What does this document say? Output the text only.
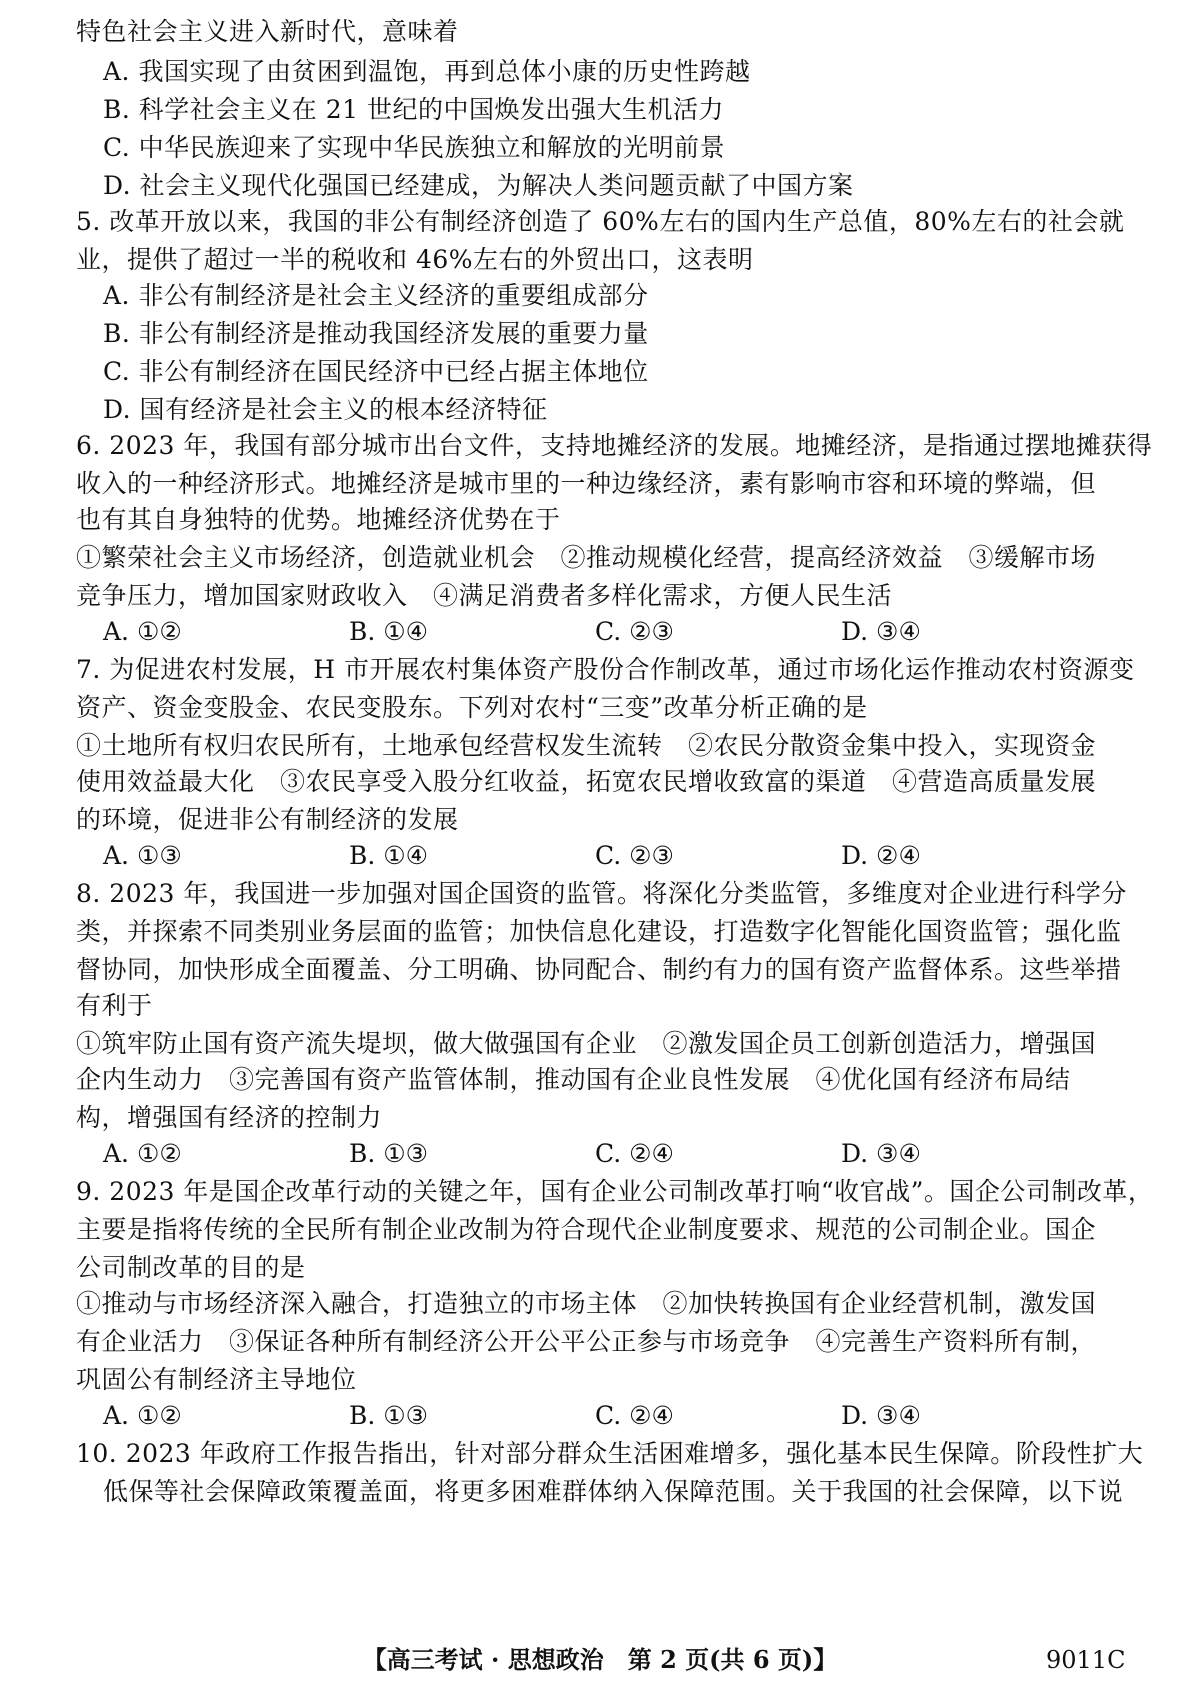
特色社会主义进入新时代，意味着
A. 我国实现了由贫困到温饱，再到总体小康的历史性跨越
B. 科学社会主义在 21 世纪的中国焕发出强大生机活力
C. 中华民族迎来了实现中华民族独立和解放的光明前景
D. 社会主义现代化强国已经建成，为解决人类问题贡献了中国方案
5. 改革开放以来，我国的非公有制经济创造了 60%左右的国内生产总值，80%左右的社会就
业，提供了超过一半的税收和 46%左右的外贸出口，这表明
A. 非公有制经济是社会主义经济的重要组成部分
B. 非公有制经济是推动我国经济发展的重要力量
C. 非公有制经济在国民经济中已经占据主体地位
D. 国有经济是社会主义的根本经济特征
6. 2023 年，我国有部分城市出台文件，支持地摊经济的发展。地摊经济，是指通过摆地摊获得
收入的一种经济形式。地摊经济是城市里的一种边缘经济，素有影响市容和环境的弊端，但
也有其自身独特的优势。地摊经济优势在于
①繁荣社会主义市场经济，创造就业机会　②推动规模化经营，提高经济效益　③缓解市场
竞争压力，增加国家财政收入　④满足消费者多样化需求，方便人民生活
A. ①②	B. ①④	C. ②③	D. ③④
7. 为促进农村发展，H 市开展农村集体资产股份合作制改革，通过市场化运作推动农村资源变
资产、资金变股金、农民变股东。下列对农村“三变”改革分析正确的是
①土地所有权归农民所有，土地承包经营权发生流转　②农民分散资金集中投入，实现资金
使用效益最大化　③农民享受入股分红收益，拓宽农民增收致富的渠道　④营造高质量发展
的环境，促进非公有制经济的发展
A. ①③	B. ①④	C. ②③	D. ②④
8. 2023 年，我国进一步加强对国企国资的监管。将深化分类监管，多维度对企业进行科学分
类，并探索不同类别业务层面的监管；加快信息化建设，打造数字化智能化国资监管；强化监
督协同，加快形成全面覆盖、分工明确、协同配合、制约有力的国有资产监督体系。这些举措
有利于
①筑牢防止国有资产流失堤坝，做大做强国有企业　②激发国企员工创新创造活力，增强国
企内生动力　③完善国有资产监管体制，推动国有企业良性发展　④优化国有经济布局结
构，增强国有经济的控制力
A. ①②	B. ①③	C. ②④	D. ③④
9. 2023 年是国企改革行动的关键之年，国有企业公司制改革打响“收官战”。国企公司制改革，
主要是指将传统的全民所有制企业改制为符合现代企业制度要求、规范的公司制企业。国企
公司制改革的目的是
①推动与市场经济深入融合，打造独立的市场主体　②加快转换国有企业经营机制，激发国
有企业活力　③保证各种所有制经济公开公平公正参与市场竞争　④完善生产资料所有制，
巩固公有制经济主导地位
A. ①②	B. ①③	C. ②④	D. ③④
10. 2023 年政府工作报告指出，针对部分群众生活困难增多，强化基本民生保障。阶段性扩大
低保等社会保障政策覆盖面，将更多困难群体纳入保障范围。关于我国的社会保障，以下说
【高三考试 · 思想政治　第 2 页(共 6 页)】	9011C
